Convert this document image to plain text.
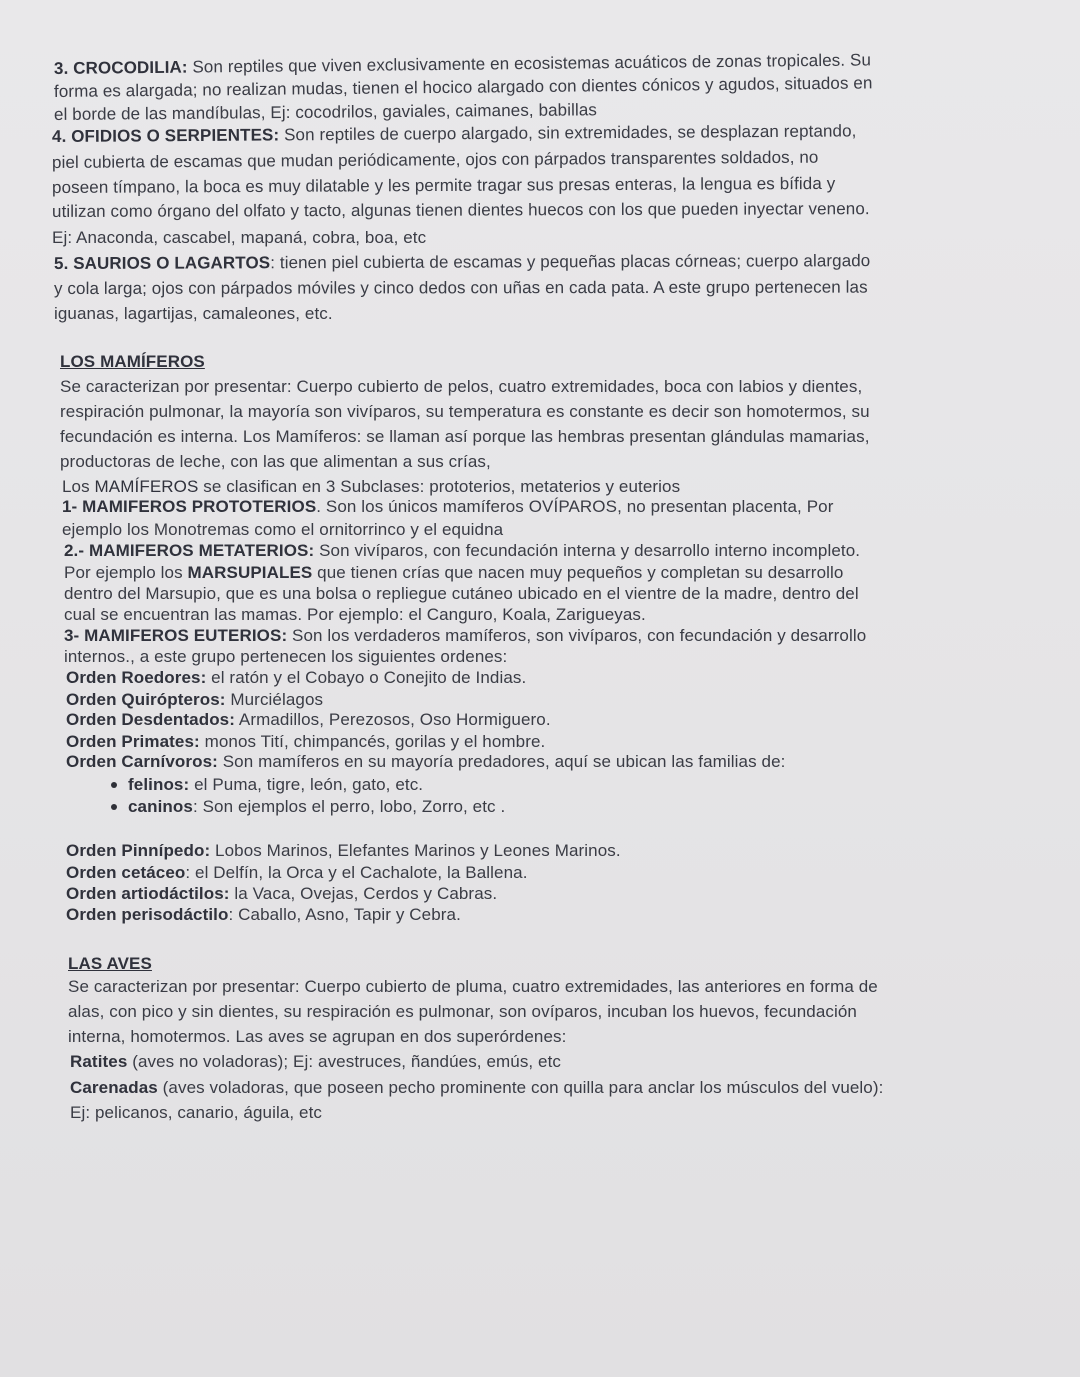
3. CROCODILIA: Son reptiles que viven exclusivamente en ecosistemas acuáticos de zonas tropicales. Su
forma es alargada; no realizan mudas, tienen el hocico alargado con dientes cónicos y agudos, situados en
el borde de las mandíbulas, Ej: cocodrilos, gaviales, caimanes, babillas
4. OFIDIOS O SERPIENTES: Son reptiles de cuerpo alargado, sin extremidades, se desplazan reptando,
piel cubierta de escamas que mudan periódicamente, ojos con párpados transparentes soldados, no
poseen tímpano, la boca es muy dilatable y les permite tragar sus presas enteras, la lengua es bífida y
utilizan como órgano del olfato y tacto, algunas tienen dientes huecos con los que pueden inyectar veneno.
Ej: Anaconda, cascabel, mapaná, cobra, boa, etc
5. SAURIOS O LAGARTOS: tienen piel cubierta de escamas y pequeñas placas córneas; cuerpo alargado
y cola larga; ojos con párpados móviles y cinco dedos con uñas en cada pata. A este grupo pertenecen las
iguanas, lagartijas, camaleones, etc.
LOS MAMÍFEROS
Se caracterizan por presentar: Cuerpo cubierto de pelos, cuatro extremidades, boca con labios y dientes,
respiración pulmonar, la mayoría son vivíparos, su temperatura es constante es decir son homotermos, su
fecundación es interna. Los Mamíferos: se llaman así porque las hembras presentan glándulas mamarias,
productoras de leche, con las que alimentan a sus crías,
Los MAMÍFEROS se clasifican en 3 Subclases: prototerios, metaterios y euterios
1- MAMIFEROS PROTOTERIOS. Son los únicos mamíferos OVÍPAROS, no presentan placenta, Por
ejemplo los Monotremas como el ornitorrinco y el equidna
2.- MAMIFEROS METATERIOS: Son vivíparos, con fecundación interna y desarrollo interno incompleto.
Por ejemplo los MARSUPIALES que tienen crías que nacen muy pequeños y completan su desarrollo
dentro del Marsupio, que es una bolsa o repliegue cutáneo ubicado en el vientre de la madre, dentro del
cual se encuentran las mamas. Por ejemplo: el Canguro, Koala, Zarigueyas.
3- MAMIFEROS EUTERIOS: Son los verdaderos mamíferos, son vivíparos, con fecundación y desarrollo
internos., a este grupo pertenecen los siguientes ordenes:
Orden Roedores: el ratón y el Cobayo o Conejito de Indias.
Orden Quirópteros: Murciélagos
Orden Desdentados: Armadillos, Perezosos, Oso Hormiguero.
Orden Primates: monos Tití, chimpancés, gorilas y el hombre.
Orden Carnívoros: Son mamíferos en su mayoría predadores, aquí se ubican las familias de:
felinos: el Puma, tigre, león, gato, etc.
caninos: Son ejemplos el perro, lobo, Zorro, etc .
Orden Pinnípedo: Lobos Marinos, Elefantes Marinos y Leones Marinos.
Orden cetáceo: el Delfín, la Orca y el Cachalote, la Ballena.
Orden artiodáctilos: la Vaca, Ovejas, Cerdos y Cabras.
Orden perisodáctilo: Caballo, Asno, Tapir y Cebra.
LAS AVES
Se caracterizan por presentar: Cuerpo cubierto de pluma, cuatro extremidades, las anteriores en forma de
alas, con pico y sin dientes, su respiración es pulmonar, son ovíparos, incuban los huevos, fecundación
interna, homotermos. Las aves se agrupan en dos superórdenes:
Ratites (aves no voladoras); Ej: avestruces, ñandúes, emús, etc
Carenadas (aves voladoras, que poseen pecho prominente con quilla para anclar los músculos del vuelo):
Ej: pelicanos, canario, águila, etc
